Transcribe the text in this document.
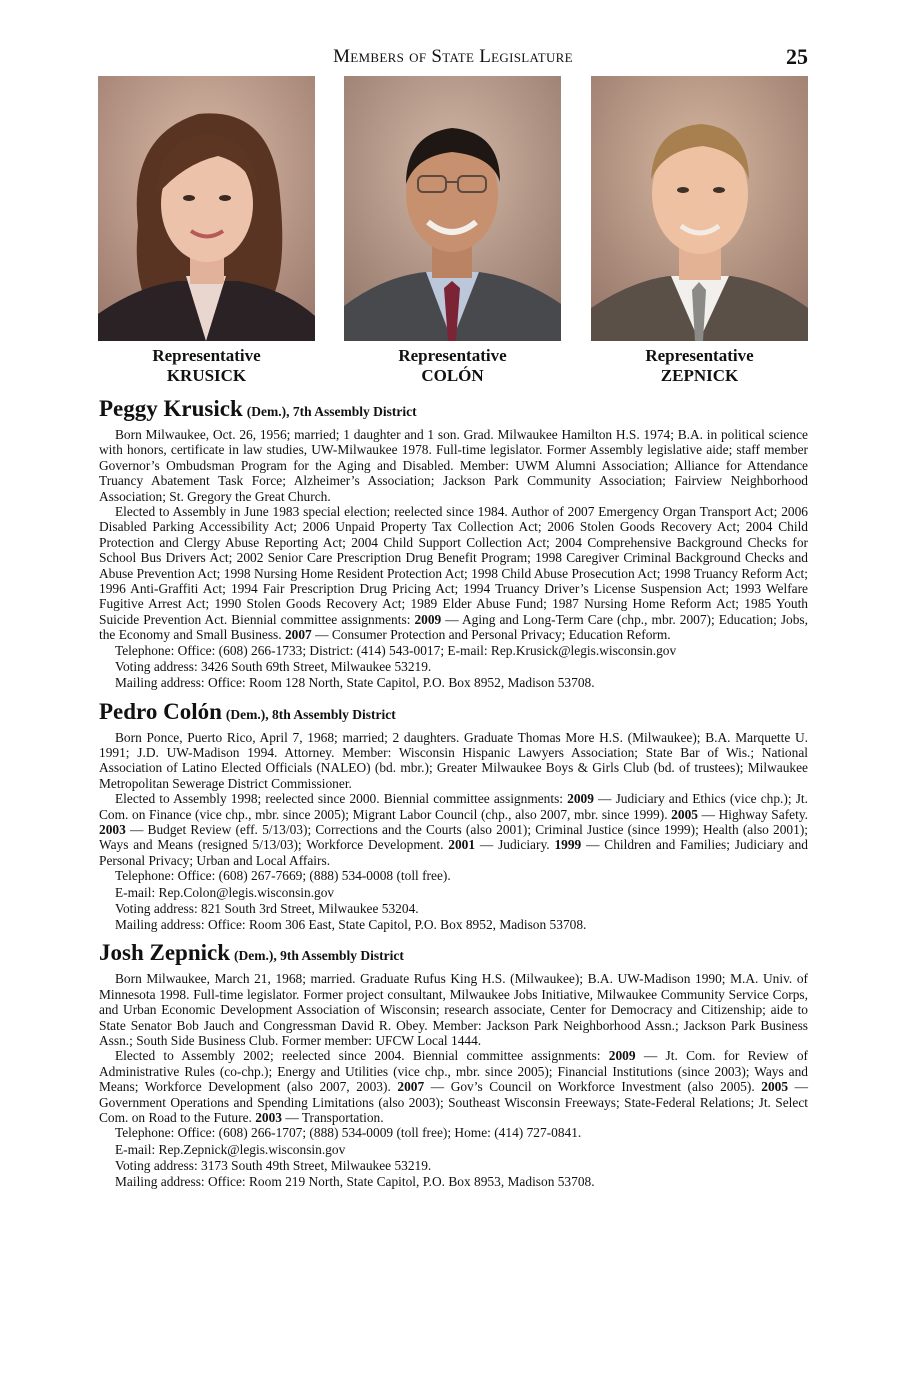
Members of State Legislature	25
Representative
KRUSICK
Representative
COLÓN
Representative
ZEPNICK
Peggy Krusick (Dem.), 7th Assembly District

Born Milwaukee, Oct. 26, 1956; married; 1 daughter and 1 son. Grad. Milwaukee Hamilton H.S. 1974; B.A. in political science with honors, certificate in law studies, UW-Milwaukee 1978. Full-time legislator. Former Assembly legislative aide; staff member Governor’s Ombudsman Program for the Aging and Disabled. Member: UWM Alumni Association; Alliance for Attendance Truancy Abatement Task Force; Alzheimer’s Association; Jackson Park Community Association; Fairview Neighborhood Association; St. Gregory the Great Church.

Elected to Assembly in June 1983 special election; reelected since 1984. Author of 2007 Emergency Organ Transport Act; 2006 Disabled Parking Accessibility Act; 2006 Unpaid Property Tax Collection Act; 2006 Stolen Goods Recovery Act; 2004 Child Protection and Clergy Abuse Reporting Act; 2004 Child Support Collection Act; 2004 Comprehensive Background Checks for School Bus Drivers Act; 2002 Senior Care Prescription Drug Benefit Program; 1998 Caregiver Criminal Background Checks and Abuse Prevention Act; 1998 Nursing Home Resident Protection Act; 1998 Child Abuse Prosecution Act; 1998 Truancy Reform Act; 1996 Anti-Graffiti Act; 1994 Fair Prescription Drug Pricing Act; 1994 Truancy Driver’s License Suspension Act; 1993 Welfare Fugitive Arrest Act; 1990 Stolen Goods Recovery Act; 1989 Elder Abuse Fund; 1987 Nursing Home Reform Act; 1985 Youth Suicide Prevention Act. Biennial committee assignments: 2009 — Aging and Long-Term Care (chp., mbr. 2007); Education; Jobs, the Economy and Small Business. 2007 — Consumer Protection and Personal Privacy; Education Reform.

Telephone: Office: (608) 266-1733; District: (414) 543-0017; E-mail: Rep.Krusick@legis.wisconsin.gov

Voting address: 3426 South 69th Street, Milwaukee 53219.

Mailing address: Office: Room 128 North, State Capitol, P.O. Box 8952, Madison 53708.

Pedro Colón (Dem.), 8th Assembly District

Born Ponce, Puerto Rico, April 7, 1968; married; 2 daughters. Graduate Thomas More H.S. (Milwaukee); B.A. Marquette U. 1991; J.D. UW-Madison 1994. Attorney. Member: Wisconsin Hispanic Lawyers Association; State Bar of Wis.; National Association of Latino Elected Officials (NALEO) (bd. mbr.); Greater Milwaukee Boys & Girls Club (bd. of trustees); Milwaukee Metropolitan Sewerage District Commissioner.

Elected to Assembly 1998; reelected since 2000. Biennial committee assignments: 2009 — Judiciary and Ethics (vice chp.); Jt. Com. on Finance (vice chp., mbr. since 2005); Migrant Labor Council (chp., also 2007, mbr. since 1999). 2005 — Highway Safety. 2003 — Budget Review (eff. 5/13/03); Corrections and the Courts (also 2001); Criminal Justice (since 1999); Health (also 2001); Ways and Means (resigned 5/13/03); Workforce Development. 2001 — Judiciary. 1999 — Children and Families; Judiciary and Personal Privacy; Urban and Local Affairs.

Telephone: Office: (608) 267-7669; (888) 534-0008 (toll free).

E-mail: Rep.Colon@legis.wisconsin.gov

Voting address: 821 South 3rd Street, Milwaukee 53204.

Mailing address: Office: Room 306 East, State Capitol, P.O. Box 8952, Madison 53708.

Josh Zepnick (Dem.), 9th Assembly District

Born Milwaukee, March 21, 1968; married. Graduate Rufus King H.S. (Milwaukee); B.A. UW-Madison 1990; M.A. Univ. of Minnesota 1998. Full-time legislator. Former project consultant, Milwaukee Jobs Initiative, Milwaukee Community Service Corps, and Urban Economic Development Association of Wisconsin; research associate, Center for Democracy and Citizenship; aide to State Senator Bob Jauch and Congressman David R. Obey. Member: Jackson Park Neighborhood Assn.; Jackson Park Business Assn.; South Side Business Club. Former member: UFCW Local 1444.

Elected to Assembly 2002; reelected since 2004. Biennial committee assignments: 2009 — Jt. Com. for Review of Administrative Rules (co-chp.); Energy and Utilities (vice chp., mbr. since 2005); Financial Institutions (since 2003); Ways and Means; Workforce Development (also 2007, 2003). 2007 — Gov’s Council on Workforce Investment (also 2005). 2005 — Government Operations and Spending Limitations (also 2003); Southeast Wisconsin Freeways; State-Federal Relations; Jt. Select Com. on Road to the Future. 2003 — Transportation.

Telephone: Office: (608) 266-1707; (888) 534-0009 (toll free); Home: (414) 727-0841.

E-mail: Rep.Zepnick@legis.wisconsin.gov

Voting address: 3173 South 49th Street, Milwaukee 53219.

Mailing address: Office: Room 219 North, State Capitol, P.O. Box 8953, Madison 53708.
